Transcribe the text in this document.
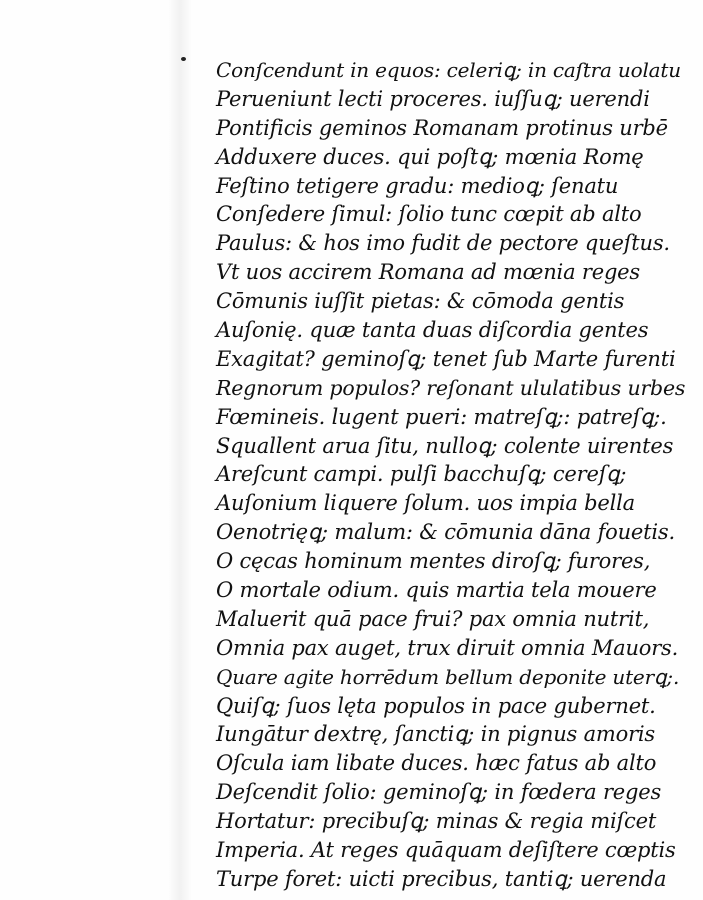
Conſcendunt in equos: celeriꝗ; in caſtra uolatu
Perueniunt lecti proceres. iuſſuꝗ; uerendi
Pontificis geminos Romanam protinus urbē
Adduxere duces. qui poſtꝗ; mœnia Romę
Feſtino tetigere gradu: medioꝗ; ſenatu
Conſedere ſimul: ſolio tunc cœpit ab alto
Paulus: & hos imo fudit de pectore queſtus.
Vt uos accirem Romana ad mœnia reges
Cōmunis iuſſit pietas: & cōmoda gentis
Auſonię. quæ tanta duas diſcordia gentes
Exagitat? geminoſꝗ; tenet ſub Marte furenti
Regnorum populos? reſonant ululatibus urbes
Fœmineis. lugent pueri: matreſꝗ;: patreſꝗ;.
Squallent arua ſitu, nulloꝗ; colente uirentes
Areſcunt campi. pulſi bacchuſꝗ; cereſꝗ;
Auſonium liquere ſolum. uos impia bella
Oenotrięꝗ; malum: & cōmunia dāna fouetis.
O cęcas hominum mentes diroſꝗ; furores,
O mortale odium. quis martia tela mouere
Maluerit quā pace frui? pax omnia nutrit,
Omnia pax auget, trux diruit omnia Mauors.
Quare agite horrēdum bellum deponite uterꝗ;.
Quiſꝗ; ſuos lęta populos in pace gubernet.
Iungātur dextrę, ſanctiꝗ; in pignus amoris
Oſcula iam libate duces. hæc fatus ab alto
Deſcendit ſolio: geminoſꝗ; in fœdera reges
Hortatur: precibuſꝗ; minas & regia miſcet
Imperia. At reges quāquam deſiſtere cœptis
Turpe foret: uicti precibus, tantiꝗ; uerenda
